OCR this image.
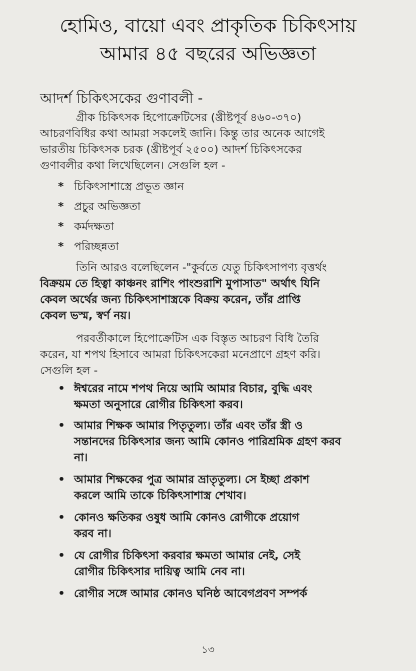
হোমিও, বায়ো এবং প্রাকৃতিক চিকিৎসায়
আমার ৪৫ বছরের অভিজ্ঞতা
আদর্শ চিকিৎসকের গুণাবলী -
গ্রীক চিকিৎসক হিপোক্রেটিসের (খ্রীষ্টপূর্ব ৪৬০-৩৭০)
আচরণবিধির কথা আমরা সকলেই জানি। কিন্তু তার অনেক আগেই
ভারতীয় চিকিৎসক চরক (খ্রীষ্টপূর্ব ২৫০০) আদর্শ চিকিৎসকের
গুণাবলীর কথা লিখেছিলেন। সেগুলি হল -
* চিকিৎসাশাস্ত্রে প্রভূত জ্ঞান
* প্রচুর অভিজ্ঞতা
* কর্মদক্ষতা
* পরিচ্ছন্নতা
তিনি আরও বলেছিলেন -"কুর্বতে যেতু চিকিৎসাপণ্য বৃত্তর্থং
বিক্রয়ম তে হিত্বা কাঞ্চনং রাশিং পাংশুরাশি মুপাসাত" অর্থাৎ যিনি
কেবল অর্থের জন্য চিকিৎসাশাস্ত্রকে বিক্রয় করেন, তাঁর প্রাপ্তি
কেবল ভস্ম, স্বর্ণ নয়।
পরবর্তীকালে হিপোক্রেটিস এক বিস্তৃত আচরণ বিধি তৈরি
করেন, যা শপথ হিসাবে আমরা চিকিৎসকেরা মনেপ্রাণে গ্রহণ করি।
সেগুলি হল -
• ঈশ্বরের নামে শপথ নিয়ে আমি আমার বিচার, বুদ্ধি এবং
ক্ষমতা অনুসারে রোগীর চিকিৎসা করব।
• আমার শিক্ষক আমার পিতৃতুল্য। তাঁর এবং তাঁর স্ত্রী ও
সন্তানদের চিকিৎসার জন্য আমি কোনও পারিশ্রমিক গ্রহণ করব
না।
• আমার শিক্ষকের পুত্র আমার ভ্রাতৃতুল্য। সে ইচ্ছা প্রকাশ
করলে আমি তাকে চিকিৎসাশাস্ত্র শেখাব।
• কোনও ক্ষতিকর ওষুধ আমি কোনও রোগীকে প্রয়োগ
করব না।
• যে রোগীর চিকিৎসা করবার ক্ষমতা আমার নেই, সেই
রোগীর চিকিৎসার দায়িত্ব আমি নেব না।
• রোগীর সঙ্গে আমার কোনও ঘনিষ্ঠ আবেগপ্রবণ সম্পর্ক
১৩
